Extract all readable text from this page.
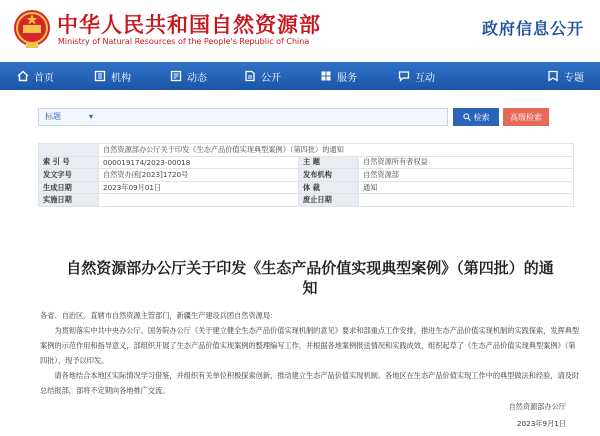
中华人民共和国自然资源部
Ministry of Natural Resources of the People's Republic of China
政府信息公开
首页	机构	动态	公开	服务	互动	专题
标题	▾	检索	高级检索
	自然资源部办公厅关于印发《生态产品价值实现典型案例》（第四批）的通知		
索 引 号	000019174/2023-00018	主 题	自然资源所有者权益
发文字号	自然资办函[2023]1720号	发布机构	自然资源部
生成日期	2023年09月01日	体 裁	通知
实施日期		废止日期	
自然资源部办公厅关于印发《生态产品价值实现典型案例》（第四批）的通知

各省、自治区、直辖市自然资源主管部门，新疆生产建设兵团自然资源局：

为贯彻落实中共中央办公厅、国务院办公厅《关于建立健全生态产品价值实现机制的意见》要求和部重点工作安排，推进生态产品价值实现机制的实践探索，发挥典型案例的示范作用和指导意义，部组织开展了生态产品价值实现案例的整理编写工作，并根据各地案例报送情况和实践成效，组织起草了《生态产品价值实现典型案例》（第四批），现予以印发。

请各地结合本地区实际情况学习借鉴，并组织有关单位积极探索创新，推动建立生态产品价值实现机制。各地区在生态产品价值实现工作中的典型做法和经验，请及时总结报部，部将不定期向各地推广交流。

自然资源部办公厅
2023年9月1日
